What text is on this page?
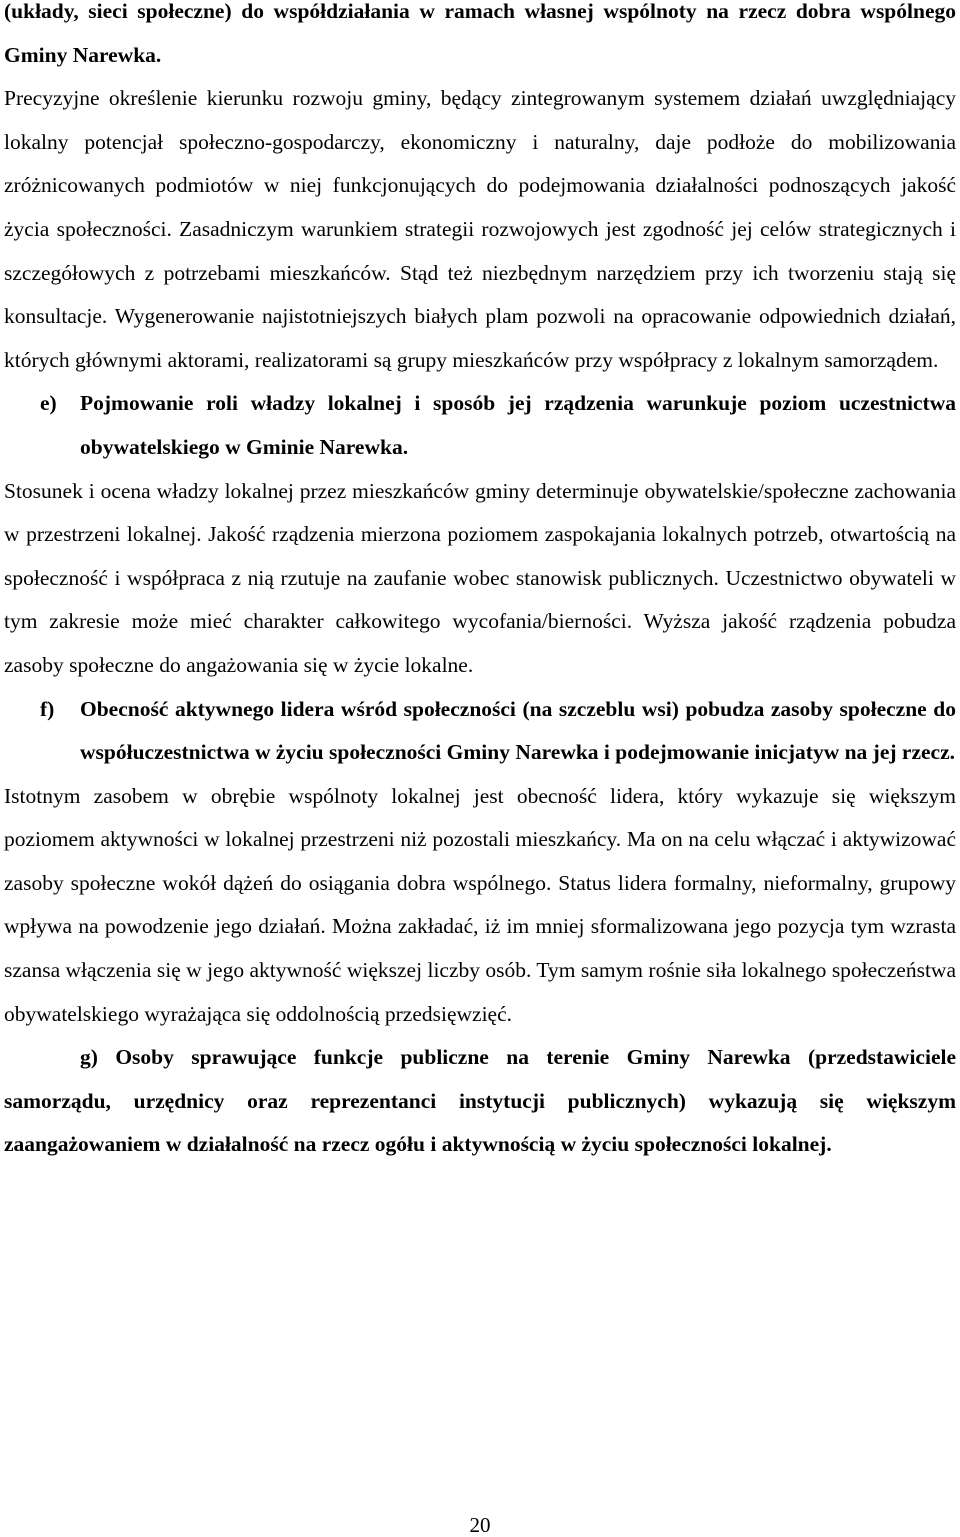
(układy, sieci społeczne) do współdziałania w ramach własnej wspólnoty na rzecz dobra wspólnego Gminy Narewka.

Precyzyjne określenie kierunku rozwoju gminy, będący zintegrowanym systemem działań uwzględniający lokalny potencjał społeczno-gospodarczy, ekonomiczny i naturalny, daje podłoże do mobilizowania zróżnicowanych podmiotów w niej funkcjonujących do podejmowania działalności podnoszących jakość życia społeczności. Zasadniczym warunkiem strategii rozwojowych jest zgodność jej celów strategicznych i szczegółowych z potrzebami mieszkańców. Stąd też niezbędnym narzędziem przy ich tworzeniu stają się konsultacje. Wygenerowanie najistotniejszych białych plam pozwoli na opracowanie odpowiednich działań, których głównymi aktorami, realizatorami są grupy mieszkańców przy współpracy z lokalnym samorządem.

e)	Pojmowanie roli władzy lokalnej i sposób jej rządzenia warunkuje poziom uczestnictwa obywatelskiego w Gminie Narewka.

Stosunek i ocena władzy lokalnej przez mieszkańców gminy determinuje obywatelskie/społeczne zachowania w przestrzeni lokalnej. Jakość rządzenia mierzona poziomem zaspokajania lokalnych potrzeb, otwartością na społeczność i współpraca z nią rzutuje na zaufanie wobec stanowisk publicznych. Uczestnictwo obywateli w tym zakresie może mieć charakter całkowitego wycofania/bierności. Wyższa jakość rządzenia pobudza zasoby społeczne do angażowania się w życie lokalne.

f)	Obecność aktywnego lidera wśród społeczności (na szczeblu wsi) pobudza zasoby społeczne do współuczestnictwa w życiu społeczności Gminy Narewka i podejmowanie inicjatyw na jej rzecz.

Istotnym zasobem w obrębie wspólnoty lokalnej jest obecność lidera, który wykazuje się większym poziomem aktywności w lokalnej przestrzeni niż pozostali mieszkańcy. Ma on na celu włączać i aktywizować zasoby społeczne wokół dążeń do osiągania dobra wspólnego. Status lidera formalny, nieformalny, grupowy wpływa na powodzenie jego działań. Można zakładać, iż im mniej sformalizowana jego pozycja tym wzrasta szansa włączenia się w jego aktywność większej liczby osób. Tym samym rośnie siła lokalnego społeczeństwa obywatelskiego wyrażająca się oddolnością przedsięwzięć.

g) Osoby sprawujące funkcje publiczne na terenie Gminy Narewka (przedstawiciele samorządu, urzędnicy oraz reprezentanci instytucji publicznych) wykazują się większym zaangażowaniem w działalność na rzecz ogółu i aktywnością w życiu społeczności lokalnej.

20
